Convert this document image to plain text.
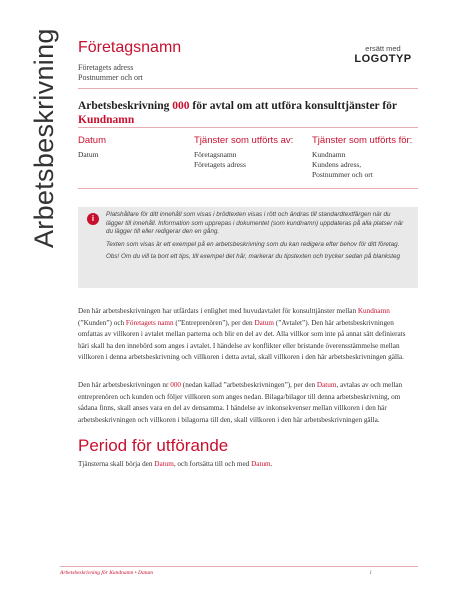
Arbetsbeskrivning Företagsnamn
Företagets adress
Postnummer och ort
ersätt med
LOGOTYP
Arbetsbeskrivning 000 för avtal om att utföra konsulttjänster för
Kundnamn
Datum
Datum
Tjänster som utförts av:
Företagsnamn
Företagets adress
Tjänster som utförts för:
Kundnamn
Kundens adress,
Postnummer och ort
i	Platshållare för ditt innehåll som visas i brödtexten visas i rött och ändras till standardtextfärgen när du lägger till innehåll. Information som upprepas i dokumentet (som kundnamn) uppdateras på alla platser när du lägger till eller redigerar den en gång.

Texten som visas är ett exempel på en arbetsbeskrivning som du kan redigera efter behov för ditt företag.

Obs! Om du vill ta bort ett tips, till exempel det här, markerar du tipstexten och trycker sedan på blanksteg

Den här arbetsbeskrivningen har utfärdats i enlighet med huvudavtalet för konsulttjänster mellan Kundnamn (”Kunden”) och Företagets namn (”Entreprenören”), per den Datum (”Avtalet”). Den här arbetsbeskrivningen omfattas av villkoren i avtalet mellan parterna och blir en del av det. Alla villkor som inte på annat sätt definierats häri skall ha den innebörd som anges i avtalet. I händelse av konflikter eller bristande överensstämmelse mellan villkoren i denna arbetsbeskrivning och villkoren i detta avtal, skall villkoren i den här arbetsbeskrivningen gälla.

Den här arbetsbeskrivningen nr 000 (nedan kallad ”arbetsbeskrivningen”), per den Datum, avtalas av och mellan entreprenören och kunden och följer villkoren som anges nedan. Bilaga/bilagor till denna arbetsbeskrivning, om sådana finns, skall anses vara en del av densamma. I händelse av inkonsekvenser mellan villkoren i den här arbetsbeskrivningen och villkoren i bilagorna till den, skall villkoren i den här arbetsbeskrivningen gälla.

Period för utförande

Tjänsterna skall börja den Datum, och fortsätta till och med Datum.

Arbetsbeskrivning för Kundnamn • Datum	1
